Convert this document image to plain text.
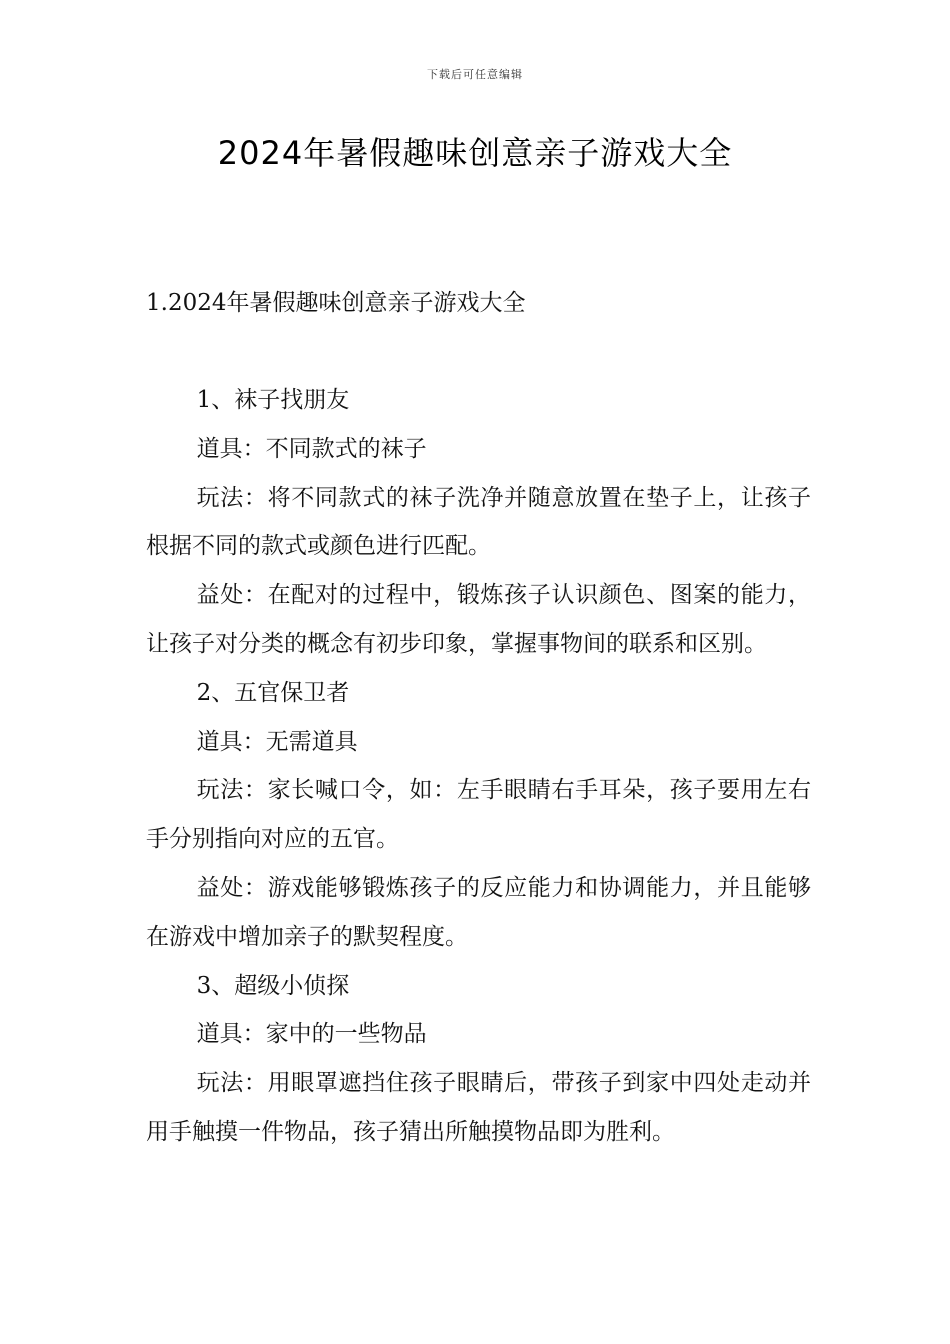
下载后可任意编辑
2024年暑假趣味创意亲子游戏大全
1.2024年暑假趣味创意亲子游戏大全

1、袜子找朋友

道具：不同款式的袜子

玩法：将不同款式的袜子洗净并随意放置在垫子上，让孩子根据不同的款式或颜色进行匹配。

益处：在配对的过程中，锻炼孩子认识颜色、图案的能力，让孩子对分类的概念有初步印象，掌握事物间的联系和区别。

2、五官保卫者

道具：无需道具

玩法：家长喊口令，如：左手眼睛右手耳朵，孩子要用左右手分别指向对应的五官。

益处：游戏能够锻炼孩子的反应能力和协调能力，并且能够在游戏中增加亲子的默契程度。

3、超级小侦探

道具：家中的一些物品

玩法：用眼罩遮挡住孩子眼睛后，带孩子到家中四处走动并用手触摸一件物品，孩子猜出所触摸物品即为胜利。
